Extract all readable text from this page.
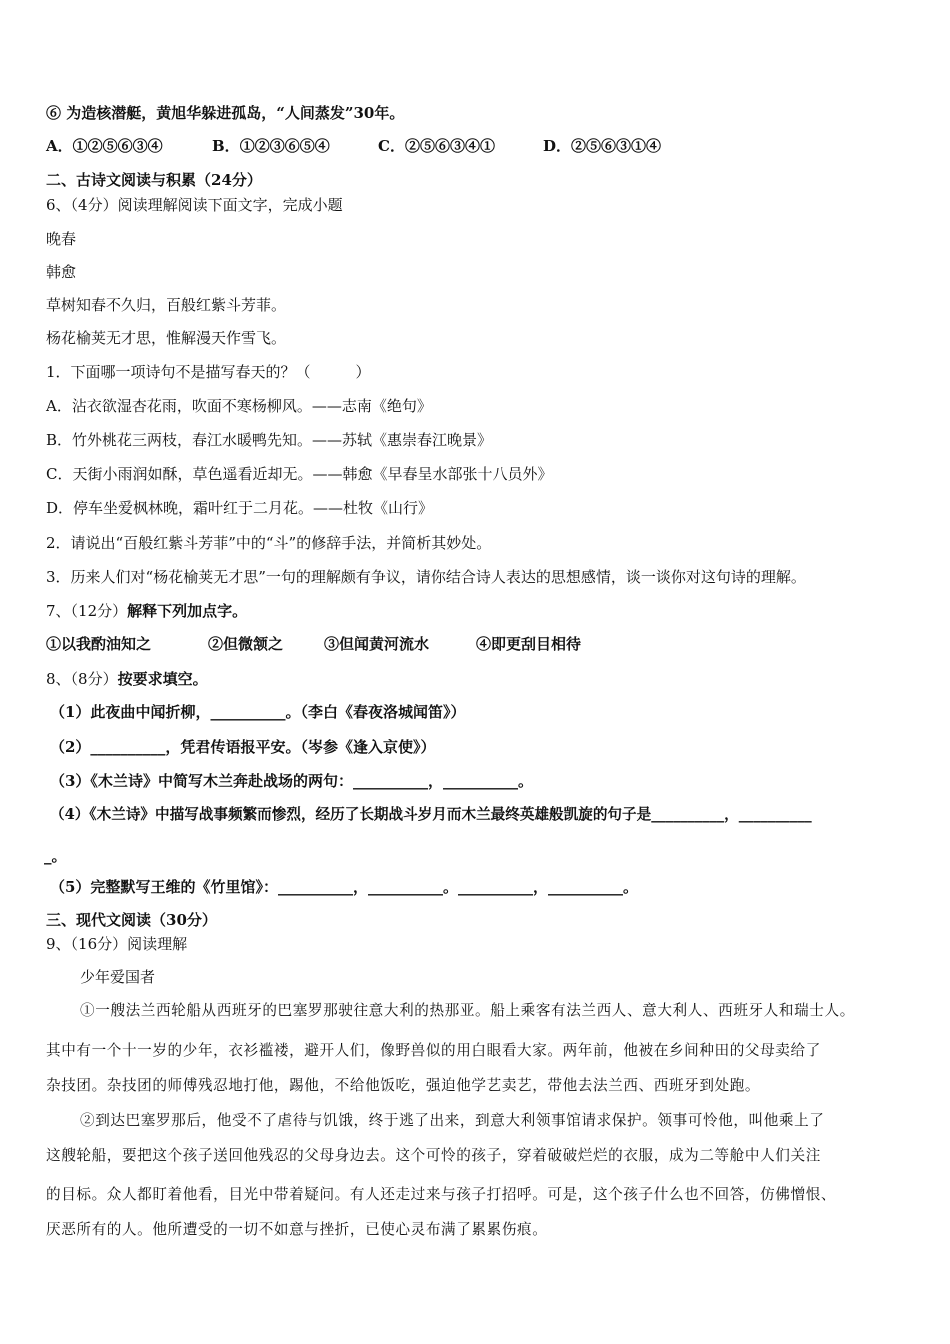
⑥ 为造核潜艇，黄旭华躲进孤岛，“人间蒸发”30年。
A．①②⑤⑥③④	B．①②③⑥⑤④	C．②⑤⑥③④①	D．②⑤⑥③①④
二、古诗文阅读与积累（24分）
6、（4分）阅读理解阅读下面文字，完成小题
晚春
韩愈
草树知春不久归，百般红紫斗芳菲。
杨花榆荚无才思，惟解漫天作雪飞。
1．下面哪一项诗句不是描写春天的？（　　　）
A．沾衣欲湿杏花雨，吹面不寒杨柳风。——志南《绝句》
B．竹外桃花三两枝，春江水暖鸭先知。——苏轼《惠崇春江晚景》
C．天街小雨润如酥，草色遥看近却无。——韩愈《早春呈水部张十八员外》
D．停车坐爱枫林晚，霜叶红于二月花。——杜牧《山行》
2．请说出“百般红紫斗芳菲”中的“斗”的修辞手法，并简析其妙处。
3．历来人们对“杨花榆荚无才思”一句的理解颇有争议，请你结合诗人表达的思想感情，谈一谈你对这句诗的理解。
7、（12分）解释下列加点字。
①以我酌油知之	②但微颔之	③但闻黄河流水	④即更刮目相待
8、（8分）按要求填空。
（1）此夜曲中闻折柳，__________。（李白《春夜洛城闻笛》）
（2）__________，凭君传语报平安。（岑参《逢入京使》）
（3）《木兰诗》中简写木兰奔赴战场的两句：__________，__________。
（4）《木兰诗》中描写战事频繁而惨烈，经历了长期战斗岁月而木兰最终英雄般凯旋的句子是__________，__________
_。
（5）完整默写王维的《竹里馆》：__________，__________。__________，__________。
三、现代文阅读（30分）
9、（16分）阅读理解
少年爱国者
①一艘法兰西轮船从西班牙的巴塞罗那驶往意大利的热那亚。船上乘客有法兰西人、意大利人、西班牙人和瑞士人。
其中有一个十一岁的少年，衣衫褴褛，避开人们，像野兽似的用白眼看大家。两年前，他被在乡间种田的父母卖给了
杂技团。杂技团的师傅残忍地打他，踢他，不给他饭吃，强迫他学艺卖艺，带他去法兰西、西班牙到处跑。
②到达巴塞罗那后，他受不了虐待与饥饿，终于逃了出来，到意大利领事馆请求保护。领事可怜他，叫他乘上了
这艘轮船，要把这个孩子送回他残忍的父母身边去。这个可怜的孩子，穿着破破烂烂的衣服，成为二等舱中人们关注
的目标。众人都盯着他看，目光中带着疑问。有人还走过来与孩子打招呼。可是，这个孩子什么也不回答，仿佛憎恨、
厌恶所有的人。他所遭受的一切不如意与挫折，已使心灵布满了累累伤痕。
